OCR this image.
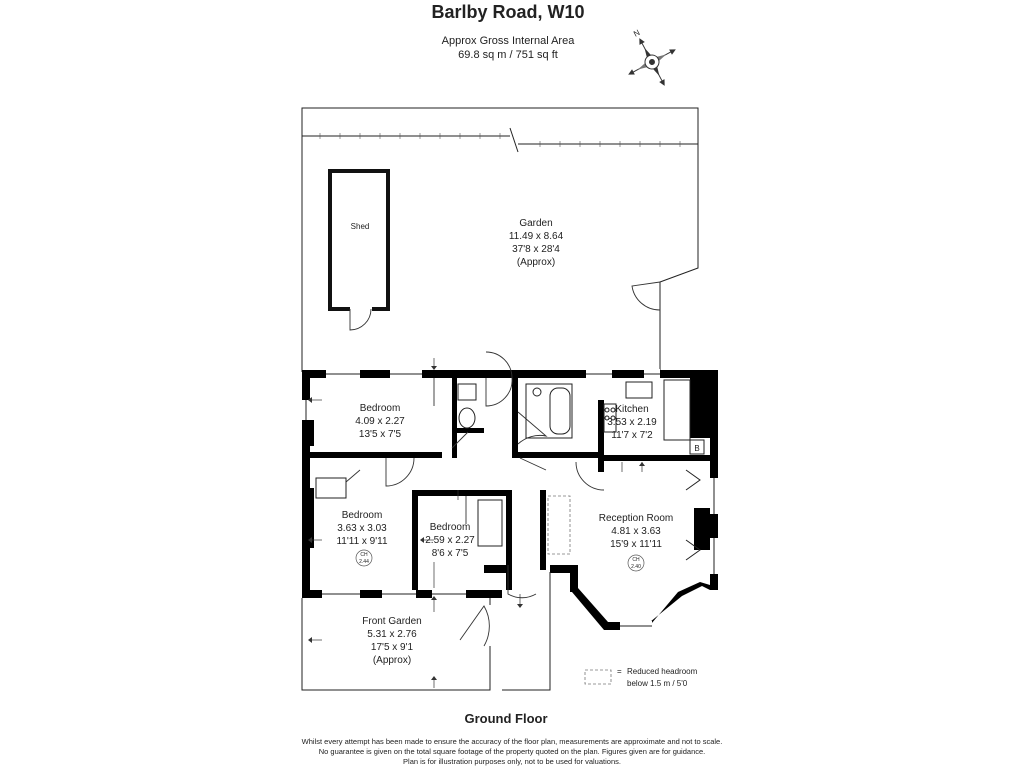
Barlby Road, W10
Approx Gross Internal Area
69.8 sq m / 751 sq ft
N
Shed	Garden
11.49 x 8.64
37'8 x 28'4
(Approx)
Bedroom
4.09 x 2.27
13'5 x 7'5
Bedroom
3.63 x 3.03
11'11 x 9'11
Bedroom
2.59 x 2.27
8'6 x 7'5
Kitchen
3.53 x 2.19
11'7 x 7'2
Reception Room
4.81 x 3.63
15'9 x 11'11
Front Garden
5.31 x 2.76
17'5 x 9'1
(Approx)
CH
2.44	CH
2.40
B
= Reduced headroom
below 1.5 m / 5'0
Ground Floor
Whilst every attempt has been made to ensure the accuracy of the floor plan, measurements are approximate and not to scale.
No guarantee is given on the total square footage of the property quoted on the plan. Figures given are for guidance.
Plan is for illustration purposes only, not to be used for valuations.
